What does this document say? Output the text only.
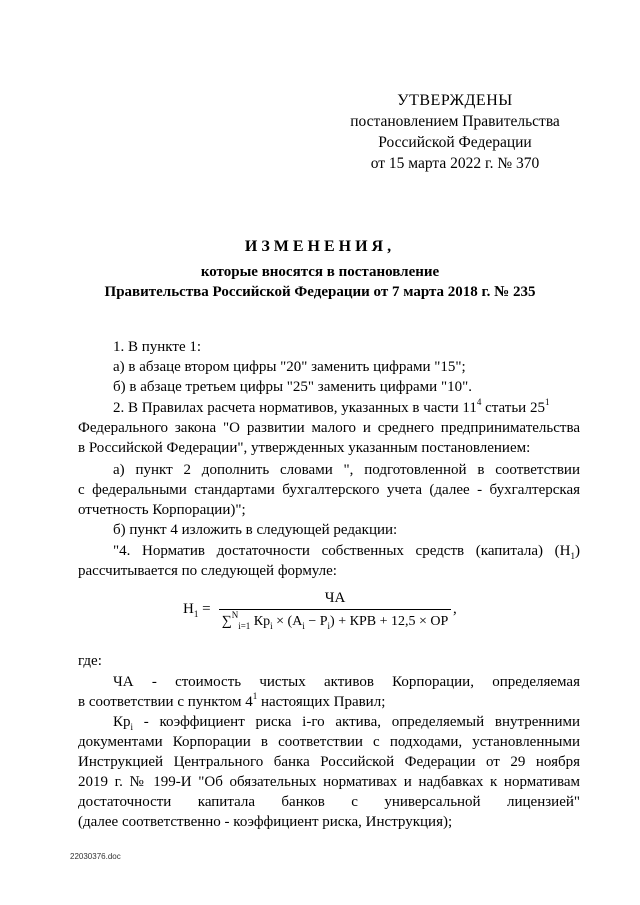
УТВЕРЖДЕНЫ
постановлением Правительства
Российской Федерации
от 15 марта 2022 г. № 370
ИЗМЕНЕНИЯ,
которые вносятся в постановление
Правительства Российской Федерации от 7 марта 2018 г. № 235
1. В пункте 1:
а) в абзаце втором цифры "20" заменить цифрами "15";
б) в абзаце третьем цифры "25" заменить цифрами "10".
2. В Правилах расчета нормативов, указанных в части $11^4$ статьи $25^1$
Федерального закона "О развитии малого и среднего предпринимательства
в Российской Федерации", утвержденных указанным постановлением:
а) пункт 2 дополнить словами ", подготовленной в соответствии
с федеральными стандартами бухгалтерского учета (далее - бухгалтерская
отчетность Корпорации)";
б) пункт 4 изложить в следующей редакции:
"4. Норматив достаточности собственных средств (капитала) $(Н_1)$
рассчитывается по следующей формуле:
$Н_1$ =
ЧА
∑$^N_{i=1}$ $Кр_i \times (А_i - Р_i)$ + КРВ + 12,5 × ОР
,
где:
ЧА - стоимость чистых активов Корпорации, определяемая
в соответствии с пунктом $4^1$ настоящих Правил;
$Кр_i$ - коэффициент риска i-го актива, определяемый внутренними
документами Корпорации в соответствии с подходами, установленными
Инструкцией Центрального банка Российской Федерации от 29 ноября
2019 г. № 199-И "Об обязательных нормативах и надбавках к нормативам
достаточности капитала банков с универсальной лицензией"
(далее соответственно - коэффициент риска, Инструкция);
22030376.doc
